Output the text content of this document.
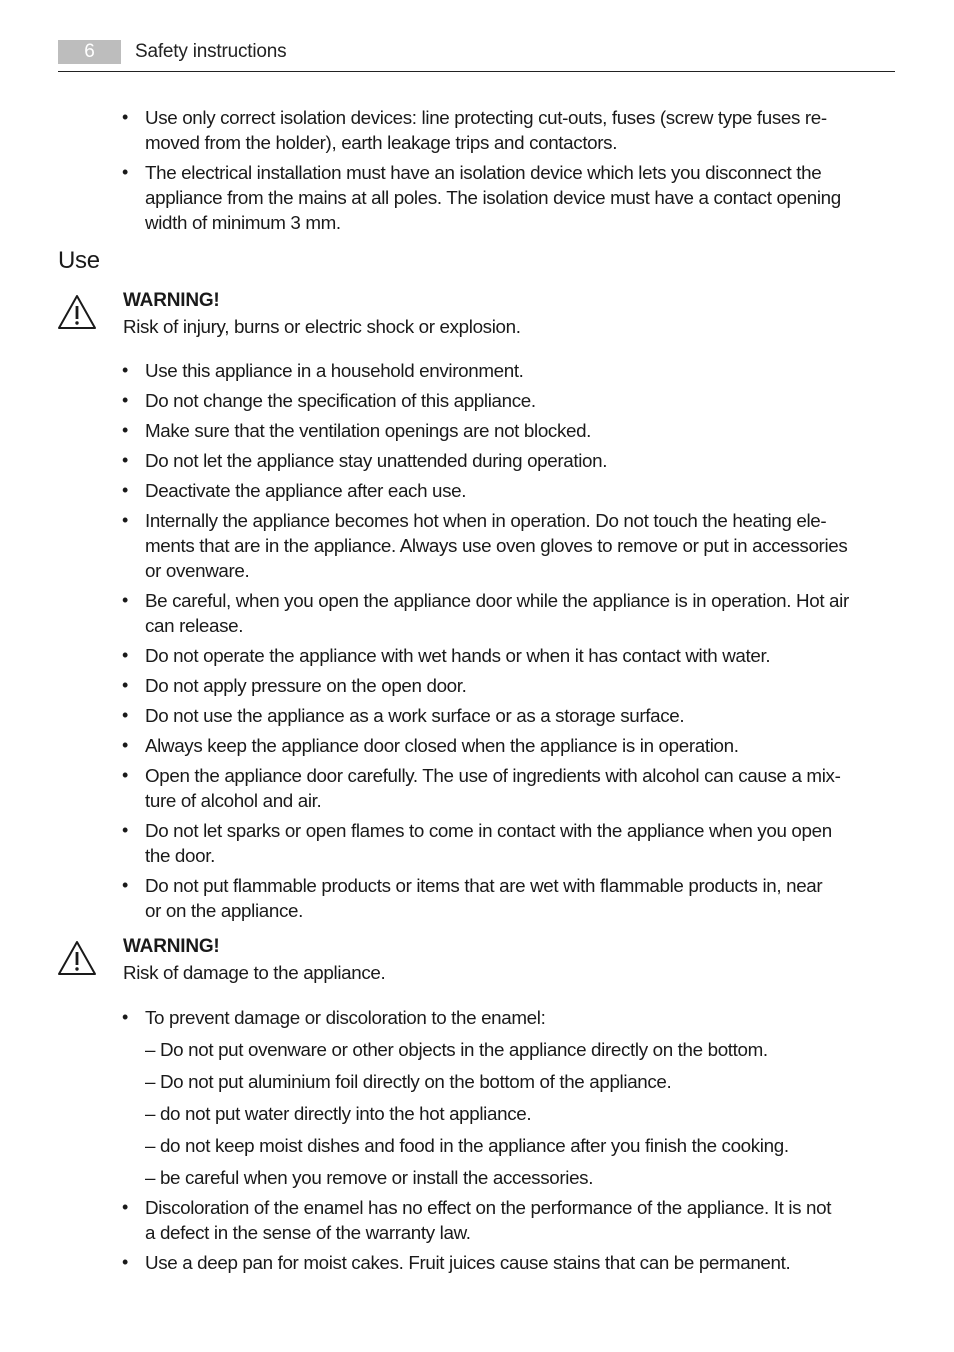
6	Safety instructions
• Use only correct isolation devices: line protecting cut-outs, fuses (screw type fuses re-
moved from the holder), earth leakage trips and contactors.
• The electrical installation must have an isolation device which lets you disconnect the
appliance from the mains at all poles. The isolation device must have a contact opening
width of minimum 3 mm.
Use
WARNING!
Risk of injury, burns or electric shock or explosion.
• Use this appliance in a household environment.
• Do not change the specification of this appliance.
• Make sure that the ventilation openings are not blocked.
• Do not let the appliance stay unattended during operation.
• Deactivate the appliance after each use.
• Internally the appliance becomes hot when in operation. Do not touch the heating ele-
ments that are in the appliance. Always use oven gloves to remove or put in accessories
or ovenware.
• Be careful, when you open the appliance door while the appliance is in operation. Hot air
can release.
• Do not operate the appliance with wet hands or when it has contact with water.
• Do not apply pressure on the open door.
• Do not use the appliance as a work surface or as a storage surface.
• Always keep the appliance door closed when the appliance is in operation.
• Open the appliance door carefully. The use of ingredients with alcohol can cause a mix-
ture of alcohol and air.
• Do not let sparks or open flames to come in contact with the appliance when you open
the door.
• Do not put flammable products or items that are wet with flammable products in, near
or on the appliance.
WARNING!
Risk of damage to the appliance.
• To prevent damage or discoloration to the enamel:
– Do not put ovenware or other objects in the appliance directly on the bottom.
– Do not put aluminium foil directly on the bottom of the appliance.
– do not put water directly into the hot appliance.
– do not keep moist dishes and food in the appliance after you finish the cooking.
– be careful when you remove or install the accessories.
• Discoloration of the enamel has no effect on the performance of the appliance. It is not
a defect in the sense of the warranty law.
• Use a deep pan for moist cakes. Fruit juices cause stains that can be permanent.
